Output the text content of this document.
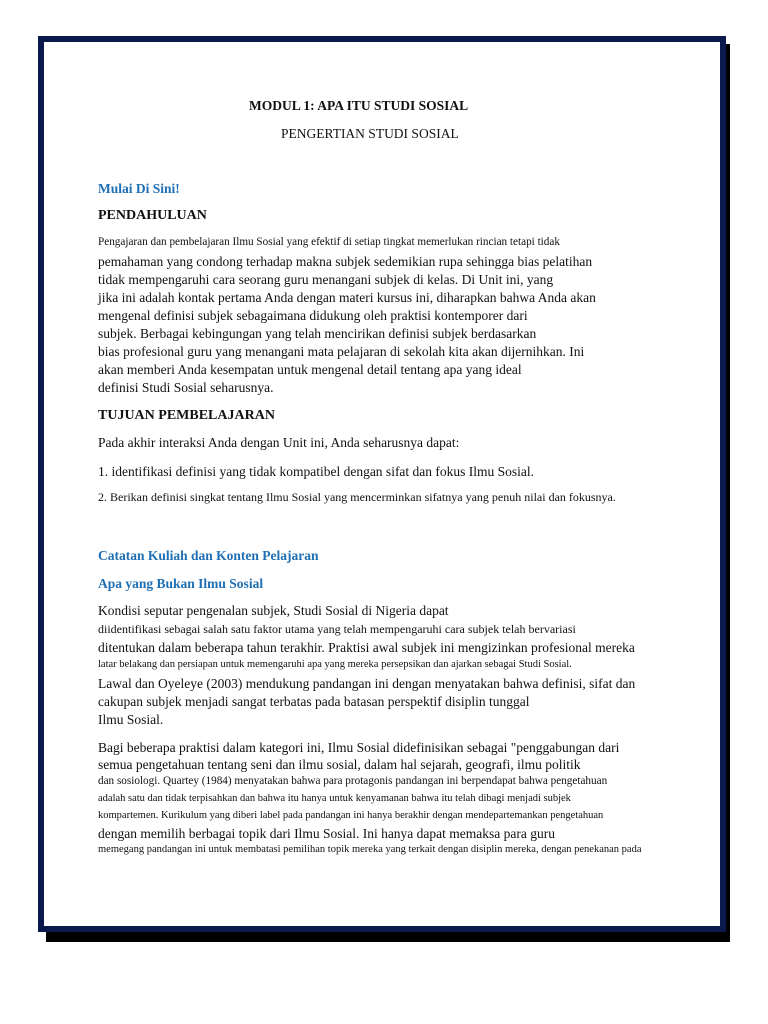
MODUL 1: APA ITU STUDI SOSIAL
PENGERTIAN STUDI SOSIAL
Mulai Di Sini!
PENDAHULUAN
Pengajaran dan pembelajaran Ilmu Sosial yang efektif di setiap tingkat memerlukan rincian tetapi tidak
pemahaman yang condong terhadap makna subjek sedemikian rupa sehingga bias pelatihan
tidak mempengaruhi cara seorang guru menangani subjek di kelas. Di Unit ini, yang
jika ini adalah kontak pertama Anda dengan materi kursus ini, diharapkan bahwa Anda akan
mengenal definisi subjek sebagaimana didukung oleh praktisi kontemporer dari
subjek. Berbagai kebingungan yang telah mencirikan definisi subjek berdasarkan
bias profesional guru yang menangani mata pelajaran di sekolah kita akan dijernihkan. Ini
akan memberi Anda kesempatan untuk mengenal detail tentang apa yang ideal
definisi Studi Sosial seharusnya.
TUJUAN PEMBELAJARAN
Pada akhir interaksi Anda dengan Unit ini, Anda seharusnya dapat:
1. identifikasi definisi yang tidak kompatibel dengan sifat dan fokus Ilmu Sosial.
2. Berikan definisi singkat tentang Ilmu Sosial yang mencerminkan sifatnya yang penuh nilai dan fokusnya.
Catatan Kuliah dan Konten Pelajaran
Apa yang Bukan Ilmu Sosial
Kondisi seputar pengenalan subjek, Studi Sosial di Nigeria dapat
diidentifikasi sebagai salah satu faktor utama yang telah mempengaruhi cara subjek telah bervariasi
ditentukan dalam beberapa tahun terakhir. Praktisi awal subjek ini mengizinkan profesional mereka
latar belakang dan persiapan untuk memengaruhi apa yang mereka persepsikan dan ajarkan sebagai Studi Sosial.
Lawal dan Oyeleye (2003) mendukung pandangan ini dengan menyatakan bahwa definisi, sifat dan
cakupan subjek menjadi sangat terbatas pada batasan perspektif disiplin tunggal
Ilmu Sosial.
Bagi beberapa praktisi dalam kategori ini, Ilmu Sosial didefinisikan sebagai "penggabungan dari
semua pengetahuan tentang seni dan ilmu sosial, dalam hal sejarah, geografi, ilmu politik
dan sosiologi. Quartey (1984) menyatakan bahwa para protagonis pandangan ini berpendapat bahwa pengetahuan
adalah satu dan tidak terpisahkan dan bahwa itu hanya untuk kenyamanan bahwa itu telah dibagi menjadi subjek
kompartemen. Kurikulum yang diberi label pada pandangan ini hanya berakhir dengan mendepartemankan pengetahuan
dengan memilih berbagai topik dari Ilmu Sosial. Ini hanya dapat memaksa para guru
memegang pandangan ini untuk membatasi pemilihan topik mereka yang terkait dengan disiplin mereka, dengan penekanan pada
